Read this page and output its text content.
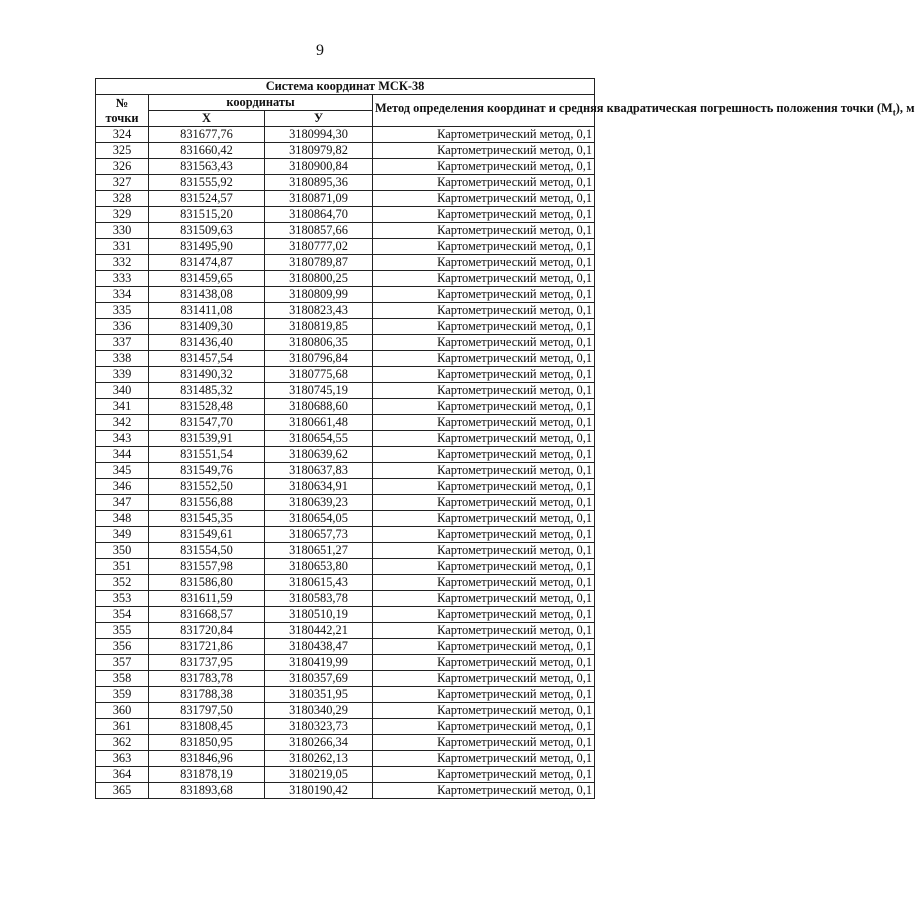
9
Система координат МСК-38			
№
точки	координаты		Метод определения координат и средняя квадратическая погрешность положения точки $(M_t)$, м
	X	У	
324	831677,76	3180994,30	Картометрический метод, 0,1
325	831660,42	3180979,82	Картометрический метод, 0,1
326	831563,43	3180900,84	Картометрический метод, 0,1
327	831555,92	3180895,36	Картометрический метод, 0,1
328	831524,57	3180871,09	Картометрический метод, 0,1
329	831515,20	3180864,70	Картометрический метод, 0,1
330	831509,63	3180857,66	Картометрический метод, 0,1
331	831495,90	3180777,02	Картометрический метод, 0,1
332	831474,87	3180789,87	Картометрический метод, 0,1
333	831459,65	3180800,25	Картометрический метод, 0,1
334	831438,08	3180809,99	Картометрический метод, 0,1
335	831411,08	3180823,43	Картометрический метод, 0,1
336	831409,30	3180819,85	Картометрический метод, 0,1
337	831436,40	3180806,35	Картометрический метод, 0,1
338	831457,54	3180796,84	Картометрический метод, 0,1
339	831490,32	3180775,68	Картометрический метод, 0,1
340	831485,32	3180745,19	Картометрический метод, 0,1
341	831528,48	3180688,60	Картометрический метод, 0,1
342	831547,70	3180661,48	Картометрический метод, 0,1
343	831539,91	3180654,55	Картометрический метод, 0,1
344	831551,54	3180639,62	Картометрический метод, 0,1
345	831549,76	3180637,83	Картометрический метод, 0,1
346	831552,50	3180634,91	Картометрический метод, 0,1
347	831556,88	3180639,23	Картометрический метод, 0,1
348	831545,35	3180654,05	Картометрический метод, 0,1
349	831549,61	3180657,73	Картометрический метод, 0,1
350	831554,50	3180651,27	Картометрический метод, 0,1
351	831557,98	3180653,80	Картометрический метод, 0,1
352	831586,80	3180615,43	Картометрический метод, 0,1
353	831611,59	3180583,78	Картометрический метод, 0,1
354	831668,57	3180510,19	Картометрический метод, 0,1
355	831720,84	3180442,21	Картометрический метод, 0,1
356	831721,86	3180438,47	Картометрический метод, 0,1
357	831737,95	3180419,99	Картометрический метод, 0,1
358	831783,78	3180357,69	Картометрический метод, 0,1
359	831788,38	3180351,95	Картометрический метод, 0,1
360	831797,50	3180340,29	Картометрический метод, 0,1
361	831808,45	3180323,73	Картометрический метод, 0,1
362	831850,95	3180266,34	Картометрический метод, 0,1
363	831846,96	3180262,13	Картометрический метод, 0,1
364	831878,19	3180219,05	Картометрический метод, 0,1
365	831893,68	3180190,42	Картометрический метод, 0,1
